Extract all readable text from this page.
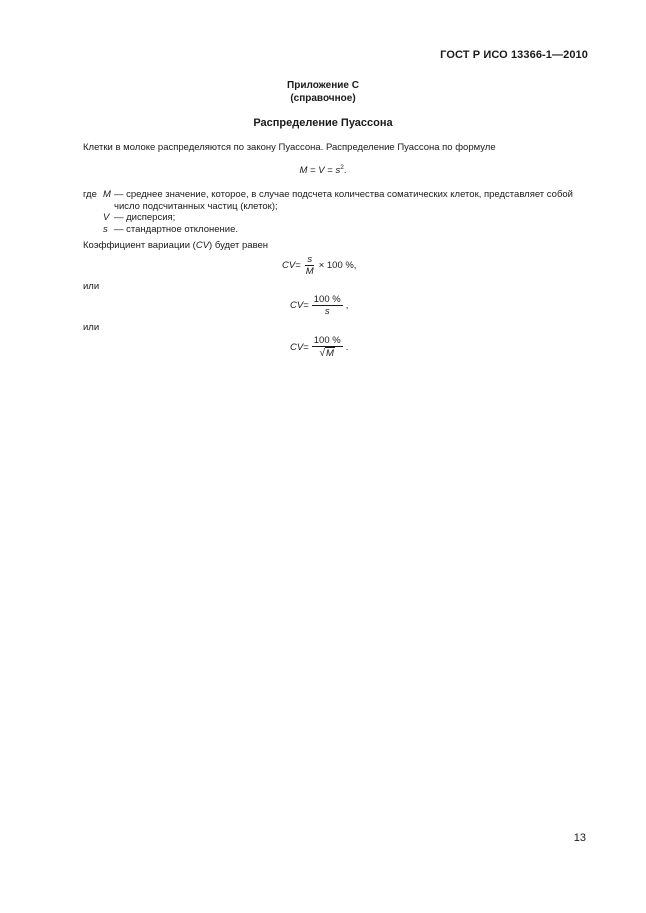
ГОСТ Р ИСО 13366-1—2010
Приложение С
(справочное)
Распределение Пуассона
Клетки в молоке распределяются по закону Пуассона. Распределение Пуассона по формуле
$M = V = s^2$.
где	M	— среднее значение, которое, в случае подсчета количества соматических клеток, представляет собой число подсчитанных частиц (клеток);
	V	— дисперсия;
	s	— стандартное отклонение.
Коэффициент вариации (CV) будет равен
CV = $\frac{s}{M} \times 100$ %,
или
CV = $\frac{100 \%}{s}$ ,
или
CV = $\frac{100 \%}{√ M}$ .
13
